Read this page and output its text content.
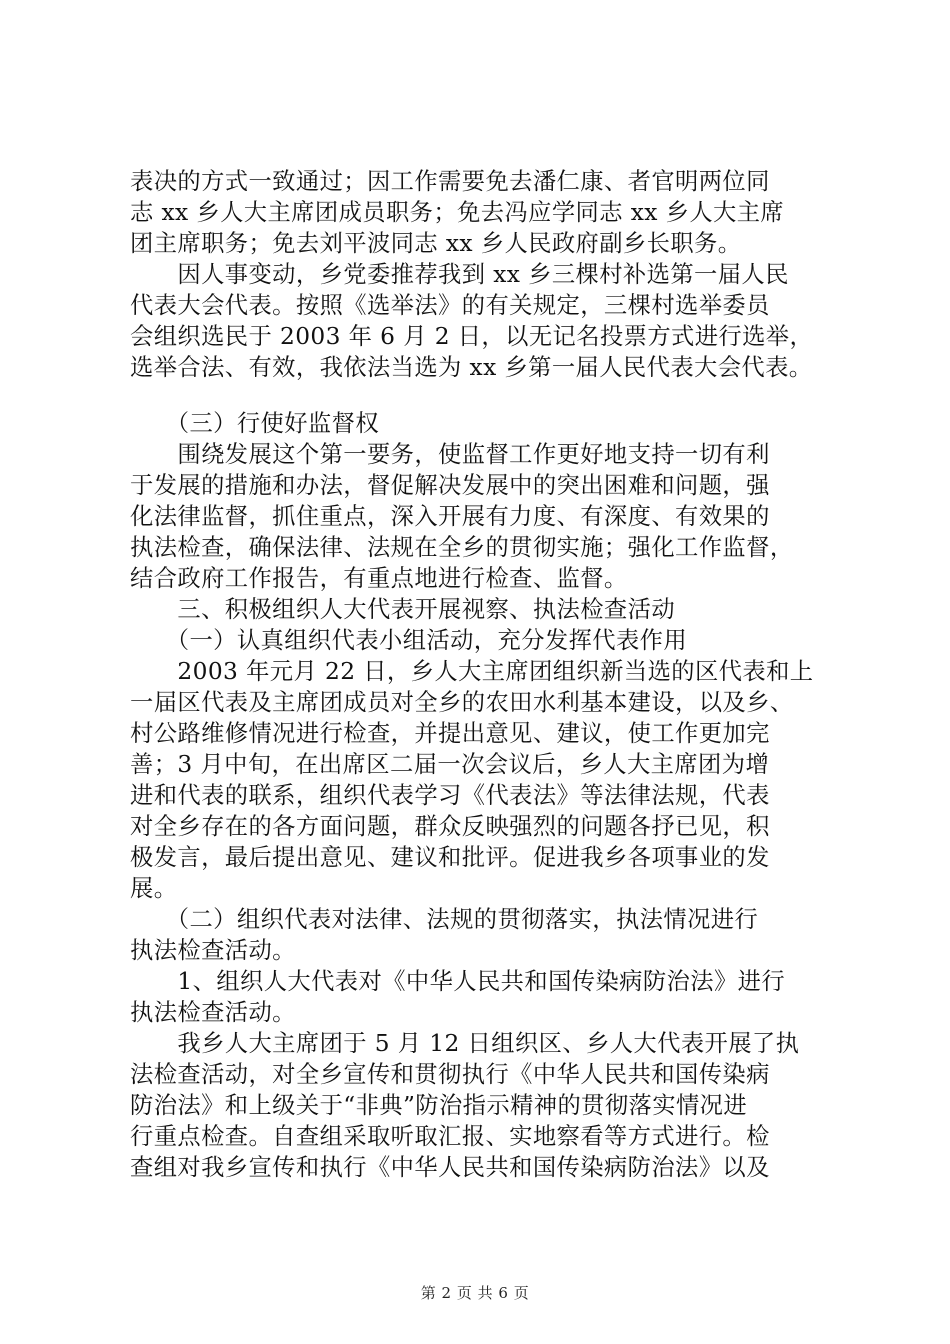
表决的方式一致通过；因工作需要免去潘仁康、者官明两位同
志 xx 乡人大主席团成员职务；免去冯应学同志 xx 乡人大主席
团主席职务；免去刘平波同志 xx 乡人民政府副乡长职务。
　　因人事变动，乡党委推荐我到 xx 乡三棵村补选第一届人民
代表大会代表。按照《选举法》的有关规定，三棵村选举委员
会组织选民于 2003 年 6 月 2 日，以无记名投票方式进行选举，
选举合法、有效，我依法当选为 xx 乡第一届人民代表大会代表。
　　（三）行使好监督权
　　围绕发展这个第一要务，使监督工作更好地支持一切有利
于发展的措施和办法，督促解决发展中的突出困难和问题，强
化法律监督，抓住重点，深入开展有力度、有深度、有效果的
执法检查，确保法律、法规在全乡的贯彻实施；强化工作监督，
结合政府工作报告，有重点地进行检查、监督。
　　三、积极组织人大代表开展视察、执法检查活动
　　（一）认真组织代表小组活动，充分发挥代表作用
　　2003 年元月 22 日，乡人大主席团组织新当选的区代表和上
一届区代表及主席团成员对全乡的农田水利基本建设，以及乡、
村公路维修情况进行检查，并提出意见、建议，使工作更加完
善；3 月中旬，在出席区二届一次会议后，乡人大主席团为增
进和代表的联系，组织代表学习《代表法》等法律法规，代表
对全乡存在的各方面问题，群众反映强烈的问题各抒已见，积
极发言，最后提出意见、建议和批评。促进我乡各项事业的发
展。
　　（二）组织代表对法律、法规的贯彻落实，执法情况进行
执法检查活动。
　　1、组织人大代表对《中华人民共和国传染病防治法》进行
执法检查活动。
　　我乡人大主席团于 5 月 12 日组织区、乡人大代表开展了执
法检查活动，对全乡宣传和贯彻执行《中华人民共和国传染病
防治法》和上级关于“非典”防治指示精神的贯彻落实情况进
行重点检查。自查组采取听取汇报、实地察看等方式进行。检
查组对我乡宣传和执行《中华人民共和国传染病防治法》以及
第 2 页 共 6 页
